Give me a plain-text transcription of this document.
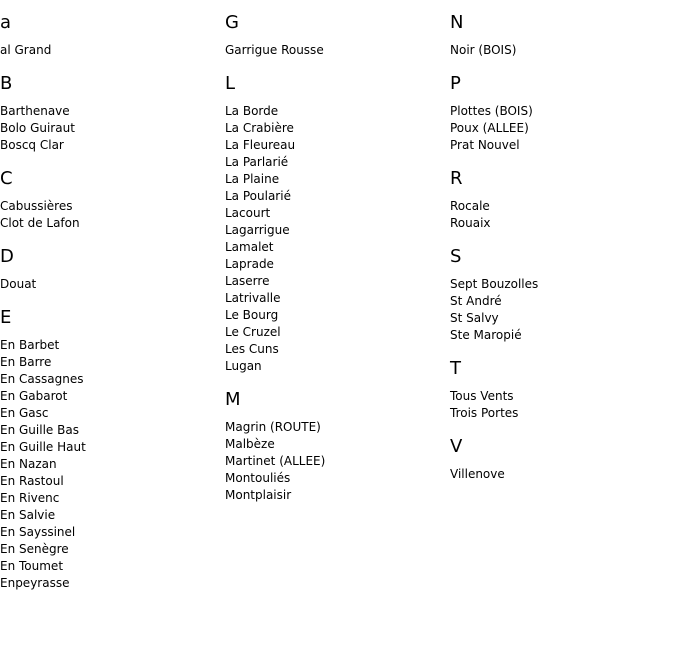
a
al Grand
B
Barthenave
Bolo Guiraut
Boscq Clar
C
Cabussières
Clot de Lafon
D
Douat
E
En Barbet
En Barre
En Cassagnes
En Gabarot
En Gasc
En Guille Bas
En Guille Haut
En Nazan
En Rastoul
En Rivenc
En Salvie
En Sayssinel
En Senègre
En Toumet
Enpeyrasse
G
Garrigue Rousse
L
La Borde
La Crabière
La Fleureau
La Parlarié
La Plaine
La Poularié
Lacourt
Lagarrigue
Lamalet
Laprade
Laserre
Latrivalle
Le Bourg
Le Cruzel
Les Cuns
Lugan
M
Magrin (ROUTE)
Malbèze
Martinet (ALLEE)
Montouliés
Montplaisir
N
Noir (BOIS)
P
Plottes (BOIS)
Poux (ALLEE)
Prat Nouvel
R
Rocale
Rouaix
S
Sept Bouzolles
St André
St Salvy
Ste Maropié
T
Tous Vents
Trois Portes
V
Villenove
